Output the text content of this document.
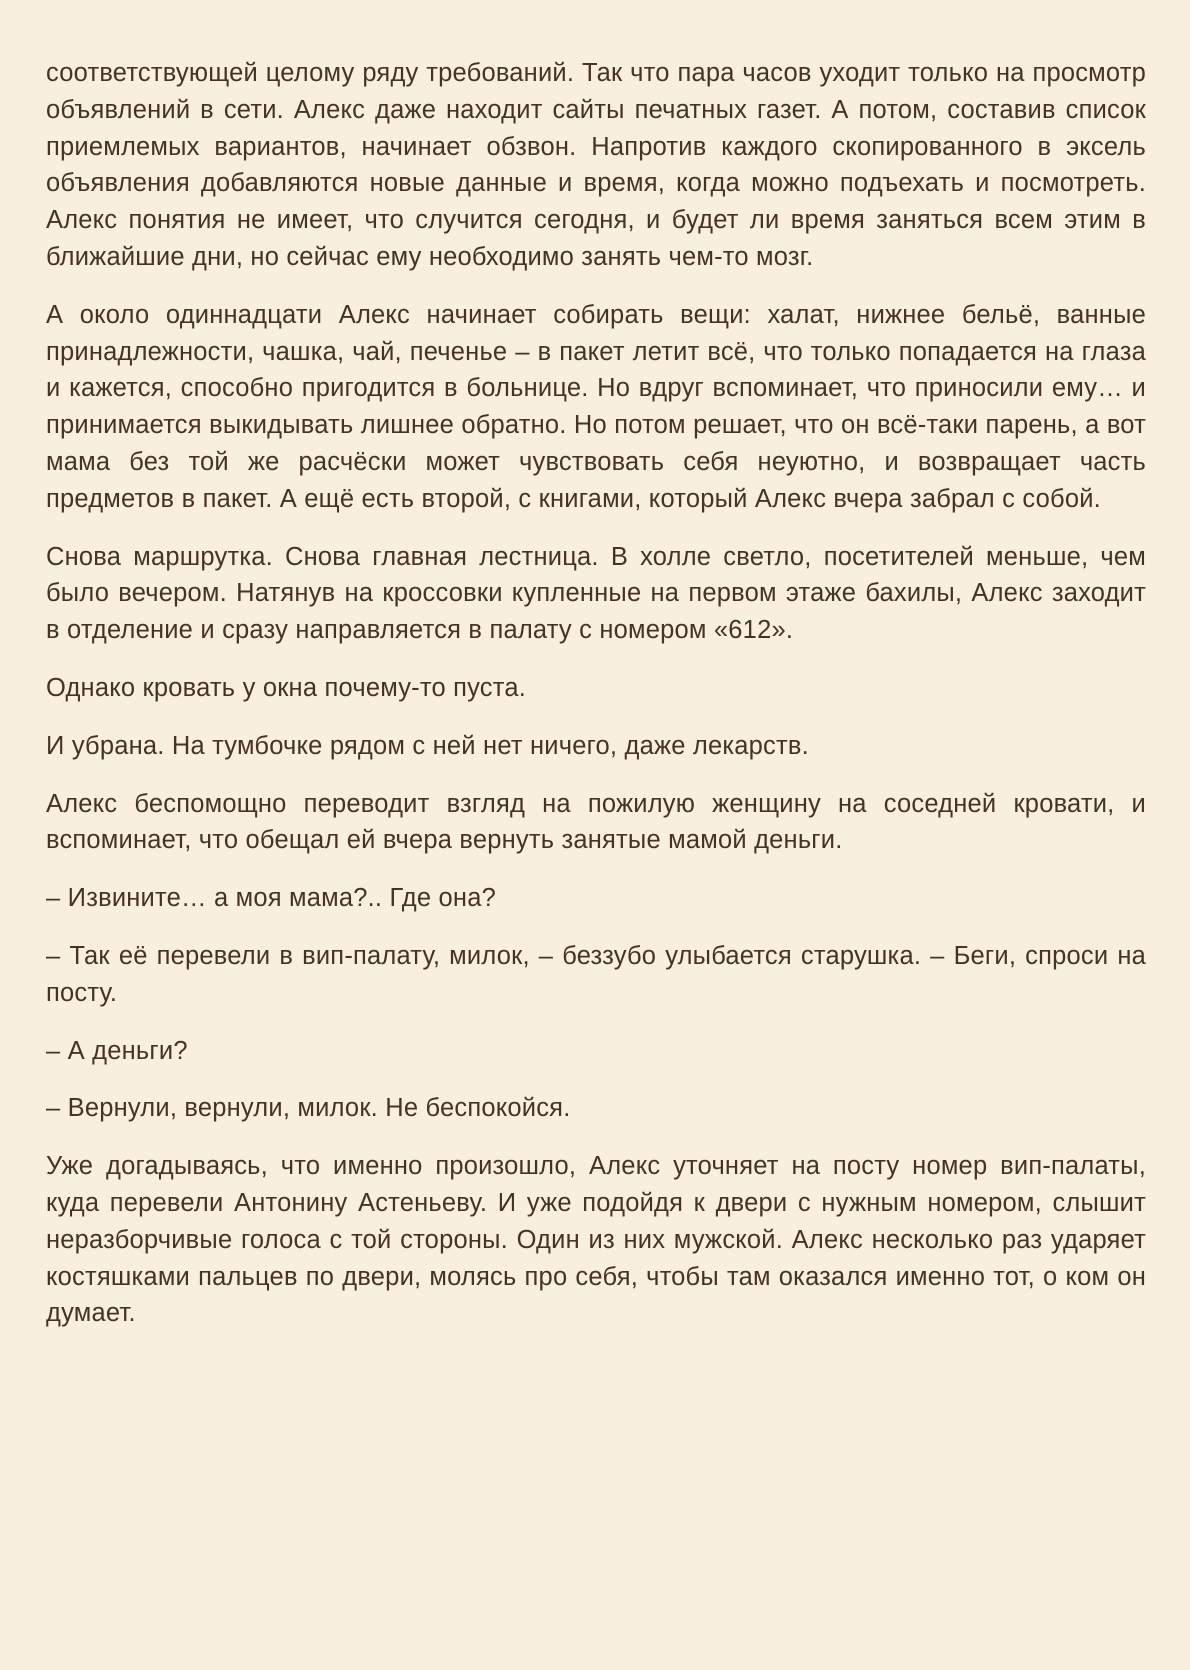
соответствующей целому ряду требований. Так что пара часов уходит только на просмотр объявлений в сети. Алекс даже находит сайты печатных газет. А потом, составив список приемлемых вариантов, начинает обзвон. Напротив каждого скопированного в эксель объявления добавляются новые данные и время, когда можно подъехать и посмотреть. Алекс понятия не имеет, что случится сегодня, и будет ли время заняться всем этим в ближайшие дни, но сейчас ему необходимо занять чем-то мозг.

А около одиннадцати Алекс начинает собирать вещи: халат, нижнее бельё, ванные принадлежности, чашка, чай, печенье – в пакет летит всё, что только попадается на глаза и кажется, способно пригодится в больнице. Но вдруг вспоминает, что приносили ему… и принимается выкидывать лишнее обратно. Но потом решает, что он всё-таки парень, а вот мама без той же расчёски может чувствовать себя неуютно, и возвращает часть предметов в пакет. А ещё есть второй, с книгами, который Алекс вчера забрал с собой.

Снова маршрутка. Снова главная лестница. В холле светло, посетителей меньше, чем было вечером. Натянув на кроссовки купленные на первом этаже бахилы, Алекс заходит в отделение и сразу направляется в палату с номером «612».

Однако кровать у окна почему-то пуста.

И убрана. На тумбочке рядом с ней нет ничего, даже лекарств.

Алекс беспомощно переводит взгляд на пожилую женщину на соседней кровати, и вспоминает, что обещал ей вчера вернуть занятые мамой деньги.

– Извините… а моя мама?.. Где она?

– Так её перевели в вип-палату, милок, – беззубо улыбается старушка. – Беги, спроси на посту.

– А деньги?

– Вернули, вернули, милок. Не беспокойся.

Уже догадываясь, что именно произошло, Алекс уточняет на посту номер вип-палаты, куда перевели Антонину Астеньеву. И уже подойдя к двери с нужным номером, слышит неразборчивые голоса с той стороны. Один из них мужской. Алекс несколько раз ударяет костяшками пальцев по двери, молясь про себя, чтобы там оказался именно тот, о ком он думает.
